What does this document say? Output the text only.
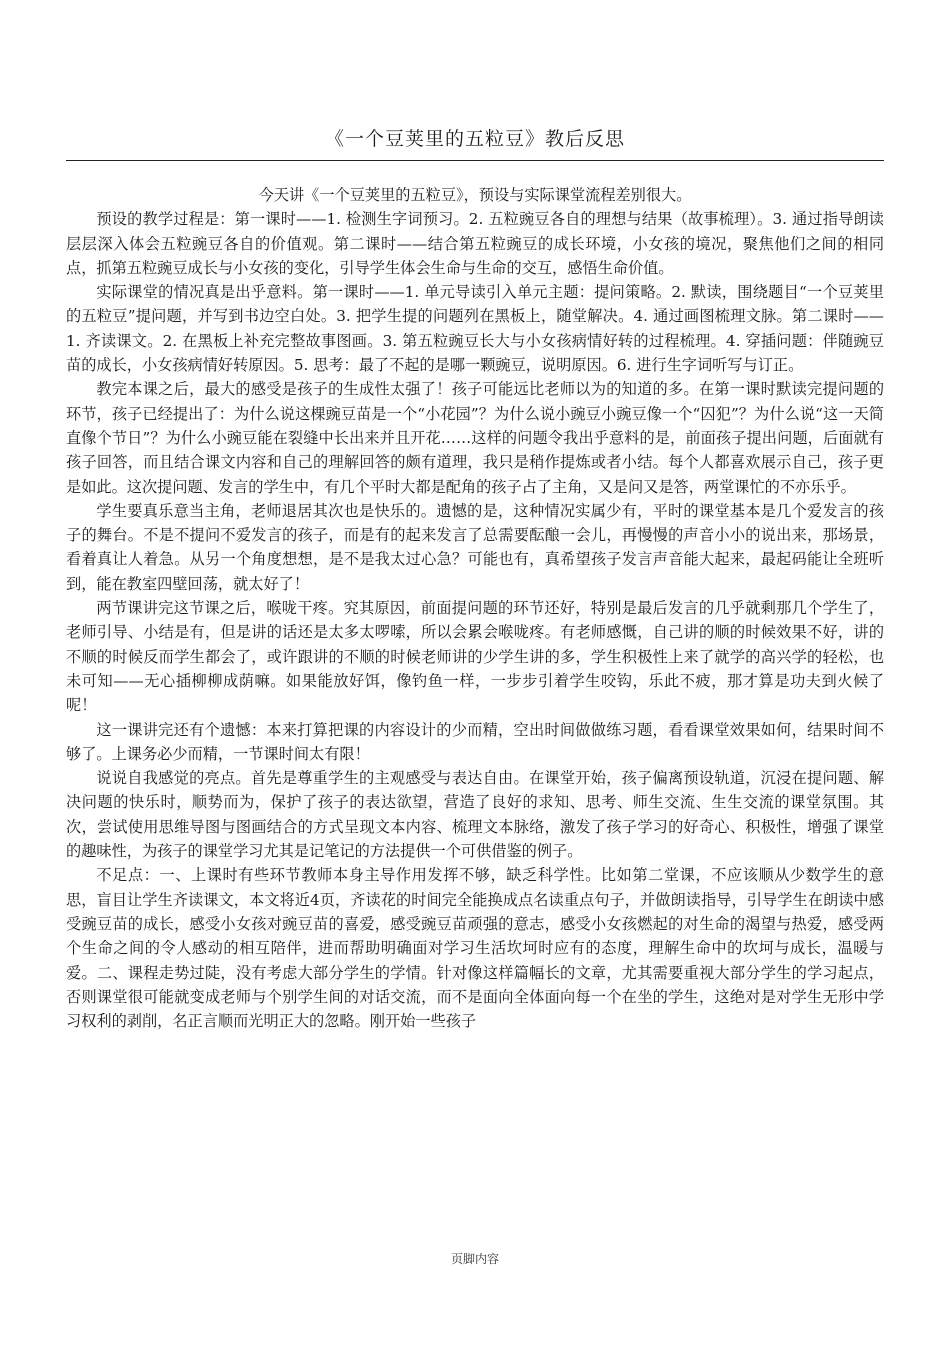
《一个豆荚里的五粒豆》教后反思

今天讲《一个豆荚里的五粒豆》，预设与实际课堂流程差别很大。

预设的教学过程是：第一课时——1. 检测生字词预习。2. 五粒豌豆各自的理想与结果（故事梳理）。3. 通过指导朗读层层深入体会五粒豌豆各自的价值观。第二课时——结合第五粒豌豆的成长环境，小女孩的境况，聚焦他们之间的相同点，抓第五粒豌豆成长与小女孩的变化，引导学生体会生命与生命的交互，感悟生命价值。

实际课堂的情况真是出乎意料。第一课时——1. 单元导读引入单元主题：提问策略。2. 默读，围绕题目“一个豆荚里的五粒豆”提问题，并写到书边空白处。3. 把学生提的问题列在黑板上，随堂解决。4. 通过画图梳理文脉。第二课时——1. 齐读课文。2. 在黑板上补充完整故事图画。3. 第五粒豌豆长大与小女孩病情好转的过程梳理。4. 穿插问题：伴随豌豆苗的成长，小女孩病情好转原因。5. 思考：最了不起的是哪一颗豌豆，说明原因。6. 进行生字词听写与订正。

教完本课之后，最大的感受是孩子的生成性太强了！孩子可能远比老师以为的知道的多。在第一课时默读完提问题的环节，孩子已经提出了：为什么说这棵豌豆苗是一个“小花园”？为什么说小豌豆小豌豆像一个“囚犯”？为什么说“这一天简直像个节日”？为什么小豌豆能在裂缝中长出来并且开花……这样的问题令我出乎意料的是，前面孩子提出问题，后面就有孩子回答，而且结合课文内容和自己的理解回答的颇有道理，我只是稍作提炼或者小结。每个人都喜欢展示自己，孩子更是如此。这次提问题、发言的学生中，有几个平时大都是配角的孩子占了主角，又是问又是答，两堂课忙的不亦乐乎。

学生要真乐意当主角，老师退居其次也是快乐的。遗憾的是，这种情况实属少有，平时的课堂基本是几个爱发言的孩子的舞台。不是不提问不爱发言的孩子，而是有的起来发言了总需要酝酿一会儿，再慢慢的声音小小的说出来，那场景，看着真让人着急。从另一个角度想想，是不是我太过心急？可能也有，真希望孩子发言声音能大起来，最起码能让全班听到，能在教室四壁回荡，就太好了！

两节课讲完这节课之后，喉咙干疼。究其原因，前面提问题的环节还好，特别是最后发言的几乎就剩那几个学生了，老师引导、小结是有，但是讲的话还是太多太啰嗦，所以会累会喉咙疼。有老师感慨，自己讲的顺的时候效果不好，讲的不顺的时候反而学生都会了，或许跟讲的不顺的时候老师讲的少学生讲的多，学生积极性上来了就学的高兴学的轻松，也未可知——无心插柳柳成荫嘛。如果能放好饵，像钓鱼一样，一步步引着学生咬钩，乐此不疲，那才算是功夫到火候了呢！

这一课讲完还有个遗憾：本来打算把课的内容设计的少而精，空出时间做做练习题，看看课堂效果如何，结果时间不够了。上课务必少而精，一节课时间太有限！

说说自我感觉的亮点。首先是尊重学生的主观感受与表达自由。在课堂开始，孩子偏离预设轨道，沉浸在提问题、解决问题的快乐时，顺势而为，保护了孩子的表达欲望，营造了良好的求知、思考、师生交流、生生交流的课堂氛围。其次，尝试使用思维导图与图画结合的方式呈现文本内容、梳理文本脉络，激发了孩子学习的好奇心、积极性，增强了课堂的趣味性，为孩子的课堂学习尤其是记笔记的方法提供一个可供借鉴的例子。

不足点：一、上课时有些环节教师本身主导作用发挥不够，缺乏科学性。比如第二堂课，不应该顺从少数学生的意思，盲目让学生齐读课文，本文将近4页，齐读花的时间完全能换成点名读重点句子，并做朗读指导，引导学生在朗读中感受豌豆苗的成长，感受小女孩对豌豆苗的喜爱，感受豌豆苗顽强的意志，感受小女孩燃起的对生命的渴望与热爱，感受两个生命之间的令人感动的相互陪伴，进而帮助明确面对学习生活坎坷时应有的态度，理解生命中的坎坷与成长，温暖与爱。二、课程走势过陡，没有考虑大部分学生的学情。针对像这样篇幅长的文章，尤其需要重视大部分学生的学习起点，否则课堂很可能就变成老师与个别学生间的对话交流，而不是面向全体面向每一个在坐的学生，这绝对是对学生无形中学习权利的剥削，名正言顺而光明正大的忽略。刚开始一些孩子

页脚内容
